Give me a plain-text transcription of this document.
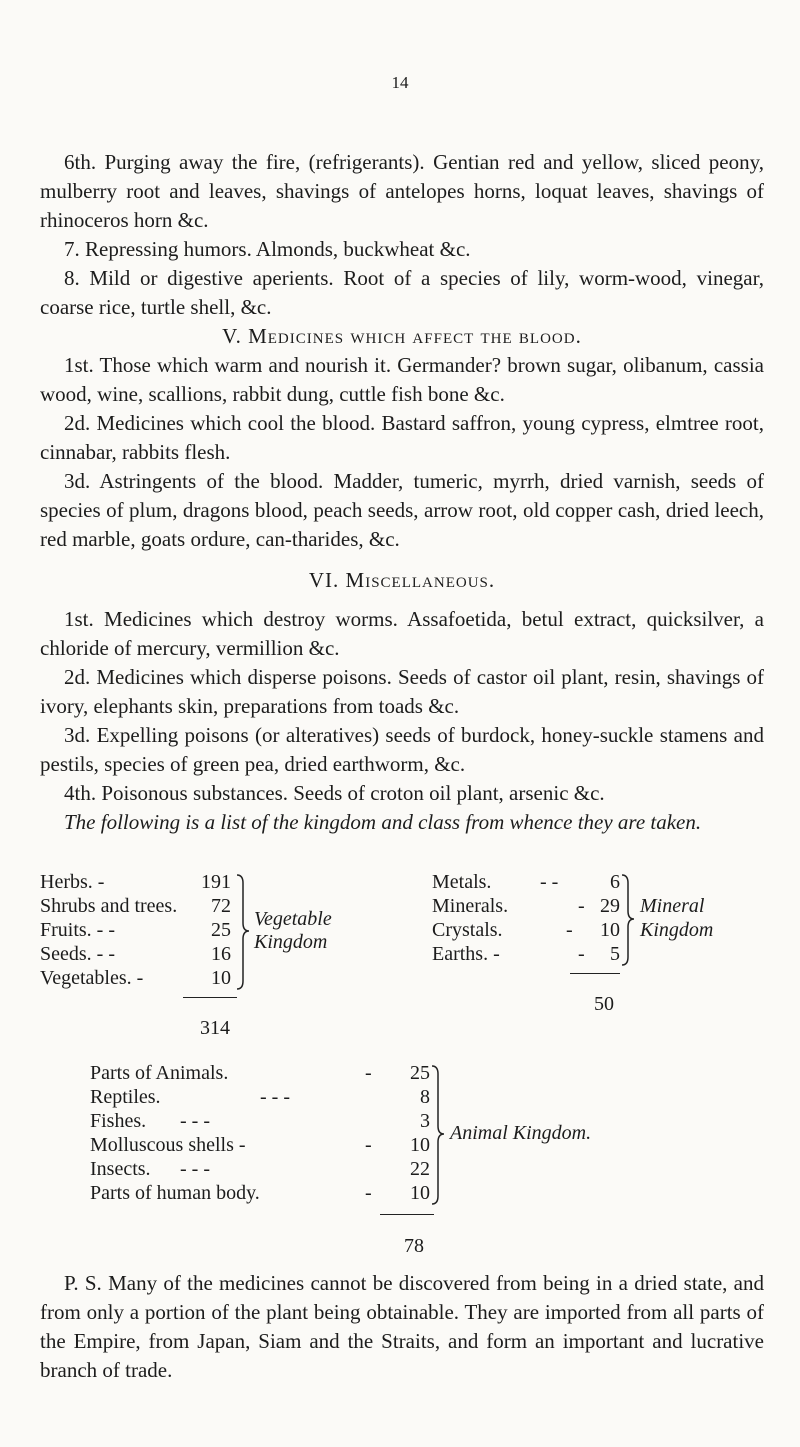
14

6th. Purging away the fire, (refrigerants). Gentian red and yellow, sliced peony, mulberry root and leaves, shavings of antelopes horns, loquat leaves, shavings of rhinoceros horn &c.

7. Repressing humors. Almonds, buckwheat &c.

8. Mild or digestive aperients. Root of a species of lily, worm-wood, vinegar, coarse rice, turtle shell, &c.

V. Medicines which affect the blood.

1st. Those which warm and nourish it. Germander? brown sugar, olibanum, cassia wood, wine, scallions, rabbit dung, cuttle fish bone &c.

2d. Medicines which cool the blood. Bastard saffron, young cypress, elmtree root, cinnabar, rabbits flesh.

3d. Astringents of the blood. Madder, tumeric, myrrh, dried varnish, seeds of species of plum, dragons blood, peach seeds, arrow root, old copper cash, dried leech, red marble, goats ordure, can-tharides, &c.

VI. Miscellaneous.

1st. Medicines which destroy worms. Assafoetida, betul extract, quicksilver, a chloride of mercury, vermillion &c.

2d. Medicines which disperse poisons. Seeds of castor oil plant, resin, shavings of ivory, elephants skin, preparations from toads &c.

3d. Expelling poisons (or alteratives) seeds of burdock, honey-suckle stamens and pestils, species of green pea, dried earthworm, &c.

4th. Poisonous substances. Seeds of croton oil plant, arsenic &c.

The following is a list of the kingdom and class from whence they are taken.

Herbs. -	191
Shrubs and trees.	72
Fruits. - -	25
Seeds. - -	16
Vegetables. -	10
Vegetable
Kingdom
314
Metals. - -	6
Minerals.	- 29
Crystals.	-	10
Earths. -	-	5
Mineral
Kingdom
50
Parts of Animals.	-	25
Reptiles.	- - -	8
Fishes. - - -	3
Molluscous shells -	-	10
Insects. - - -	22
Parts of human body.	-	10
Animal Kingdom.
78

P. S. Many of the medicines cannot be discovered from being in a dried state, and from only a portion of the plant being obtainable. They are imported from all parts of the Empire, from Japan, Siam and the Straits, and form an important and lucrative branch of trade.
